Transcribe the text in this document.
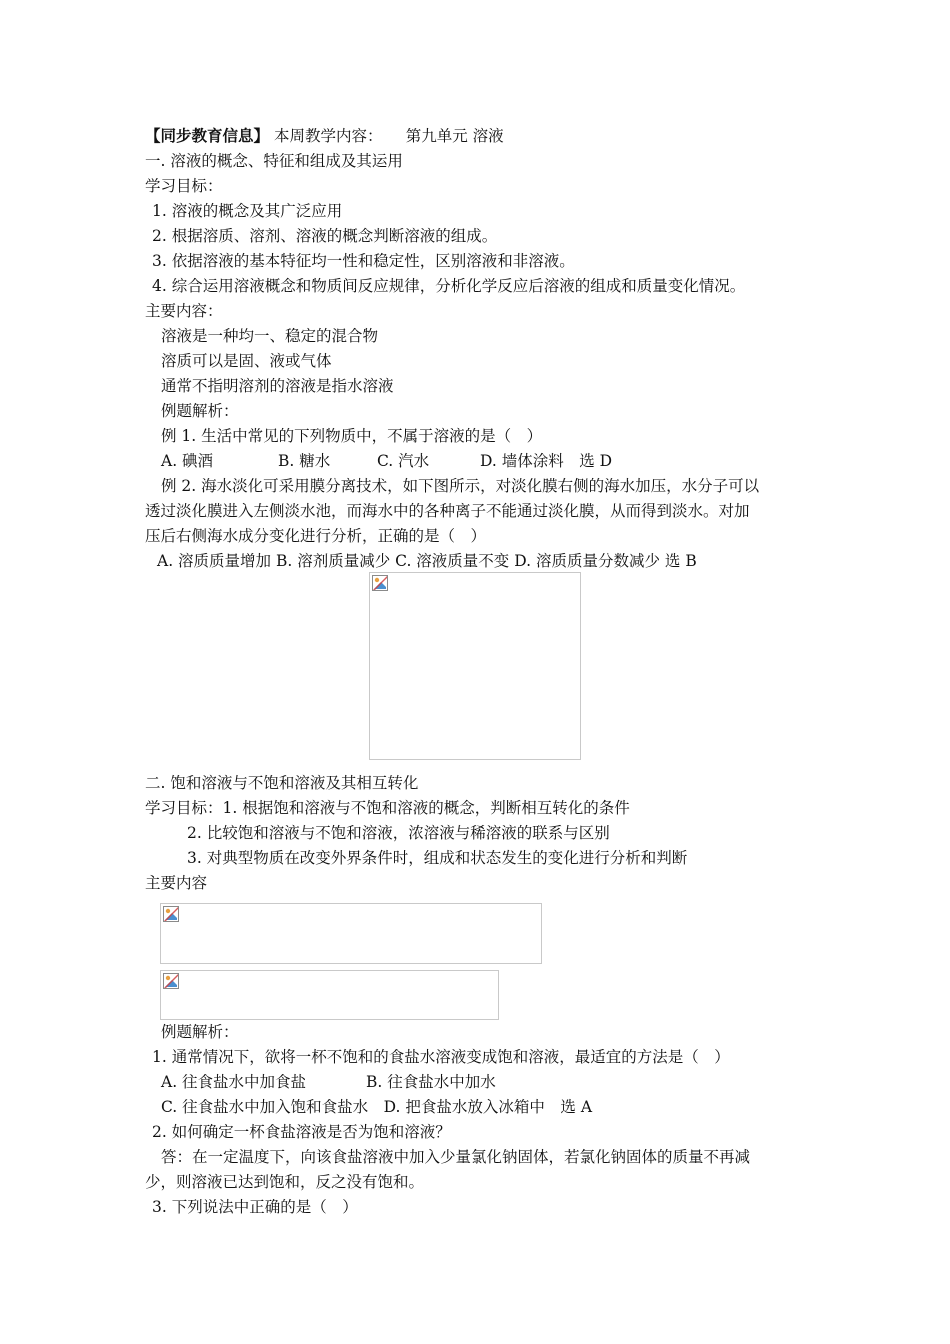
【同步教育信息】 本周教学内容：　　第九单元 溶液
一. 溶液的概念、特征和组成及其运用
学习目标：
1. 溶液的概念及其广泛应用
2. 根据溶质、溶剂、溶液的概念判断溶液的组成。
3. 依据溶液的基本特征均一性和稳定性，区别溶液和非溶液。
4. 综合运用溶液概念和物质间反应规律，分析化学反应后溶液的组成和质量变化情况。
主要内容：
溶液是一种均一、稳定的混合物
溶质可以是固、液或气体
通常不指明溶剂的溶液是指水溶液
例题解析：
例 1. 生活中常见的下列物质中，不属于溶液的是（　）
A. 碘酒	B. 糖水	C. 汽水	D. 墙体涂料　选 D
例 2. 海水淡化可采用膜分离技术，如下图所示，对淡化膜右侧的海水加压，水分子可以
透过淡化膜进入左侧淡水池，而海水中的各种离子不能通过淡化膜，从而得到淡水。对加
压后右侧海水成分变化进行分析，正确的是（　）
A. 溶质质量增加 B. 溶剂质量减少 C. 溶液质量不变 D. 溶质质量分数减少 选 B
二. 饱和溶液与不饱和溶液及其相互转化
学习目标：1. 根据饱和溶液与不饱和溶液的概念，判断相互转化的条件
2. 比较饱和溶液与不饱和溶液，浓溶液与稀溶液的联系与区别
3. 对典型物质在改变外界条件时，组成和状态发生的变化进行分析和判断
主要内容
例题解析：
1. 通常情况下，欲将一杯不饱和的食盐水溶液变成饱和溶液，最适宜的方法是（　）
A. 往食盐水中加食盐	B. 往食盐水中加水
C. 往食盐水中加入饱和食盐水　D. 把食盐水放入冰箱中　选 A
2. 如何确定一杯食盐溶液是否为饱和溶液？
答：在一定温度下，向该食盐溶液中加入少量氯化钠固体，若氯化钠固体的质量不再减
少，则溶液已达到饱和，反之没有饱和。
3. 下列说法中正确的是（　）
